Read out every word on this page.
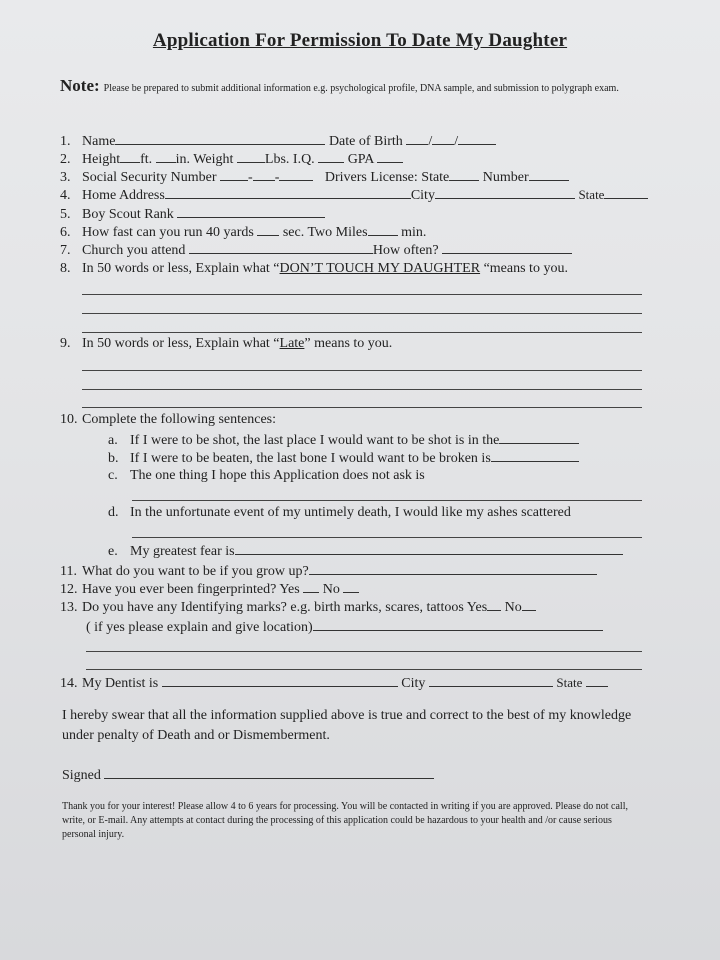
Application For Permission To Date My Daughter
Note: Please be prepared to submit additional information e.g. psychological profile, DNA sample, and submission to polygraph exam.
1. Name	Date of Birth / /
2. Height ft. in. Weight Lbs. I.Q. GPA
3. Social Security Number - -	Drivers License: State Number
4. Home Address	City	State
5. Boy Scout Rank
6. How fast can you run 40 yards sec. Two Miles min.
7. Church you attend	How often?
8. In 50 words or less, Explain what “DON’T TOUCH MY DAUGHTER “means to you.
9. In 50 words or less, Explain what “Late” means to you.
10. Complete the following sentences:
a. If I were to be shot, the last place I would want to be shot is in the
b. If I were to be beaten, the last bone I would want to be broken is
c. The one thing I hope this Application does not ask is
d. In the unfortunate event of my untimely death, I would like my ashes scattered
e. My greatest fear is
11. What do you want to be if you grow up?
12. Have you ever been fingerprinted? Yes No
13. Do you have any Identifying marks? e.g. birth marks, scares, tattoos Yes No
( if yes please explain and give location)
14. My Dentist is	City	State
I hereby swear that all the information supplied above is true and correct to the best of my knowledge under penalty of Death and or Dismemberment.
Signed
Thank you for your interest! Please allow 4 to 6 years for processing. You will be contacted in writing if you are approved. Please do not call, write, or E-mail. Any attempts at contact during the processing of this application could be hazardous to your health and /or cause serious personal injury.
